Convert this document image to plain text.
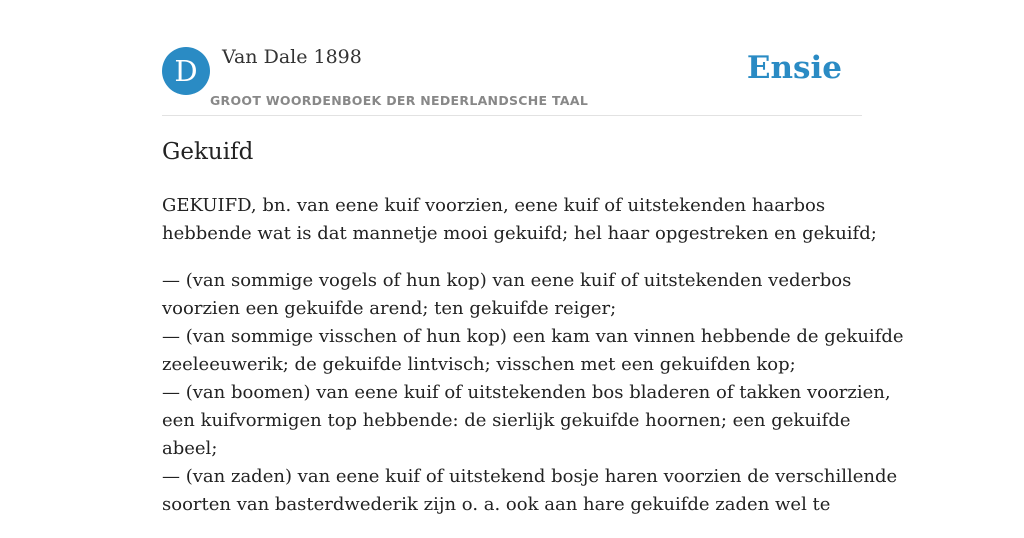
D	Van Dale 1898
GROOT WOORDENBOEK DER NEDERLANDSCHE TAAL
Ensie
Gekuifd

GEKUIFD, bn. van eene kuif voorzien, eene kuif of uitstekenden haarbos
hebbende wat is dat mannetje mooi gekuifd; hel haar opgestreken en gekuifd;

— (van sommige vogels of hun kop) van eene kuif of uitstekenden vederbos
voorzien een gekuifde arend; ten gekuifde reiger;
— (van sommige visschen of hun kop) een kam van vinnen hebbende de gekuifde
zeeleeuwerik; de gekuifde lintvisch; visschen met een gekuifden kop;
— (van boomen) van eene kuif of uitstekenden bos bladeren of takken voorzien,
een kuifvormigen top hebbende: de sierlijk gekuifde hoornen; een gekuifde
abeel;
— (van zaden) van eene kuif of uitstekend bosje haren voorzien de verschillende
soorten van basterdwederik zijn o. a. ook aan hare gekuifde zaden wel te
